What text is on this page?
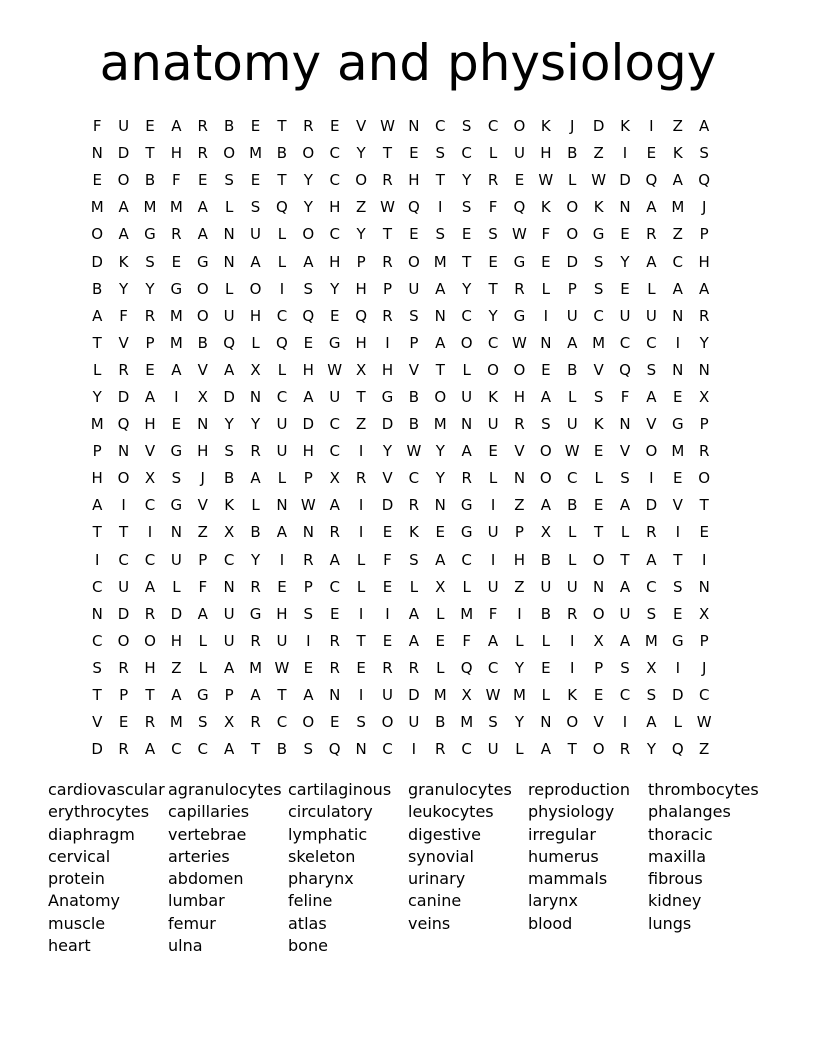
anatomy and physiology
F	U	E	A	R	B	E	T	R	E	V W N	C	S	C	O	K	J	D	K	I	Z	A
N D	T	H	R	O M B	O	C	Y	T	E	S	C	L	U	H	B	Z	I	E	K	S
E	O	B	F	E	S	E	T	Y	C	O	R	H	T	Y	R	E W L W D Q	A	Q
M A M M A	L	S	Q	Y	H	Z W Q	I	S	F	Q	K	O	K	N	A M	J
O	A	G	R	A	N	U	L	O	C	Y	T	E	S	E	S W F	O G	E	R	Z	P
D	K	S	E	G N	A	L	A	H	P	R	O M	T	E	G	E	D	S	Y	A	C	H
B	Y	Y	G O	L	O	I	S	Y	H	P	U	A	Y	T	R	L	P	S	E	L	A	A
A	F	R M O	U	H	C	Q	E	Q	R	S	N	C	Y	G	I	U	C	U	U	N	R
T	V	P	M B	Q	L	Q	E	G H	I	P	A	O	C W N	A M C	C	I	Y
L	R	E	A	V	A	X	L	H W X	H	V	T	L	O O	E	B	V	Q	S	N	N
Y	D	A	I	X	D	N	C	A	U	T	G	B	O	U	K	H	A	L	S	F	A	E	X
M Q H	E	N	Y	Y	U	D	C	Z	D	B M N	U	R	S	U	K	N	V	G	P
P	N	V	G H	S	R	U	H	C	I	Y W Y	A	E	V	O W E	V	O M R
H O	X	S	J	B	A	L	P	X	R	V	C	Y	R	L	N O	C	L	S	I	E	O
A	I	C	G	V	K	L	N W A	I	D	R	N G	I	Z	A	B	E	A	D	V	T
T	T	I	N	Z	X	B	A	N	R	I	E	K	E	G	U	P	X	L	T	L	R	I	E
I	C	C	U	P	C	Y	I	R	A	L	F	S	A	C	I	H	B	L	O	T	A	T	I
C	U	A	L	F	N	R	E	P	C	L	E	L	X	L	U	Z	U	U	N	A	C	S	N
N D	R	D	A	U	G H	S	E	I	I	A	L	M	F	I	B	R	O	U	S	E	X
C	O O H	L	U	R	U	I	R	T	E	A	E	F	A	L	L	I	X	A M G	P
S	R	H	Z	L	A M W E	R	E	R	R	L	Q	C	Y	E	I	P	S	X	I	J
T	P	T	A	G	P	A	T	A	N	I	U	D M X W M	L	K	E	C	S	D	C
V	E	R M	S	X	R	C	O	E	S	O	U	B M	S	Y	N O	V	I	A	L W
D	R	A	C	C	A	T	B	S	Q N	C	I	R	C	U	L	A	T	O	R	Y	Q	Z
cardiovascular
erythrocytes
diaphragm
cervical
protein
Anatomy
muscle
heart
agranulocytes
capillaries
vertebrae
arteries
abdomen
lumbar
femur
ulna
cartilaginous
circulatory
lymphatic
skeleton
pharynx
feline
atlas
bone
granulocytes
leukocytes
digestive
synovial
urinary
canine
veins
reproduction
physiology
irregular
humerus
mammals
larynx
blood
thrombocytes
phalanges
thoracic
maxilla
fibrous
kidney
lungs
